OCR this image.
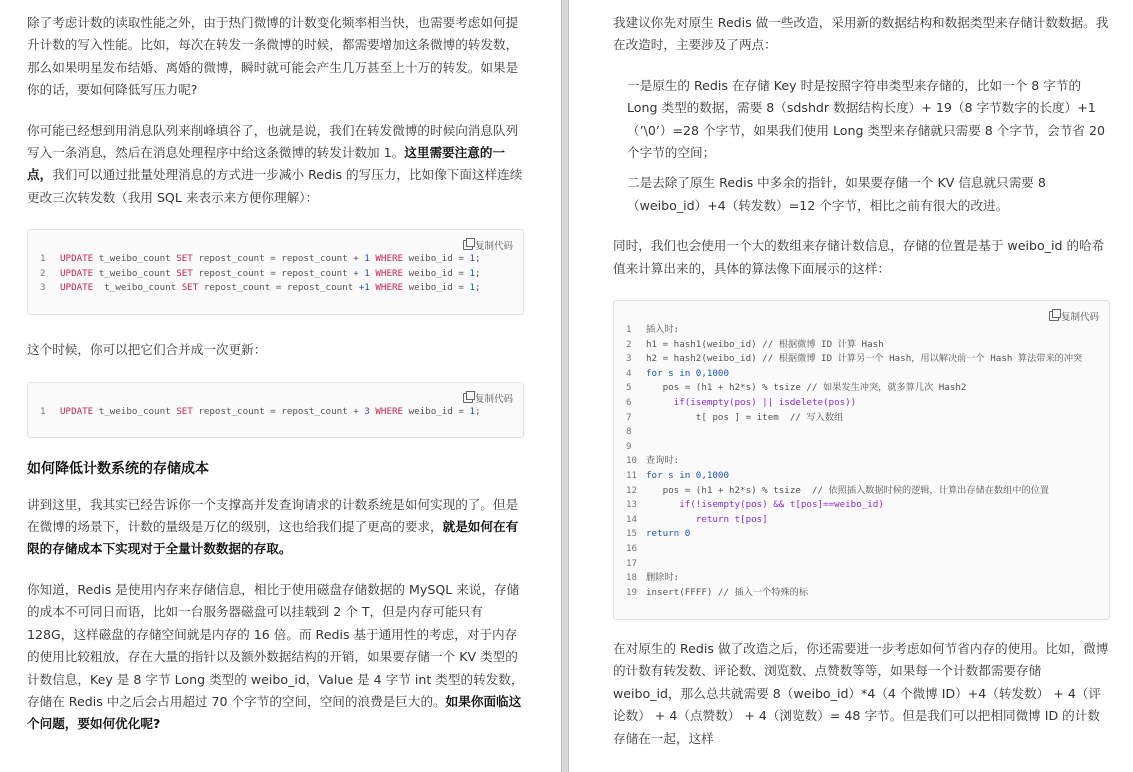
除了考虑计数的读取性能之外，由于热门微博的计数变化频率相当快，也需要考虑如何提升计数的写入性能。比如，每次在转发一条微博的时候，都需要增加这条微博的转发数，那么如果明星发布结婚、离婚的微博，瞬时就可能会产生几万甚至上十万的转发。如果是你的话，要如何降低写压力呢?

你可能已经想到用消息队列来削峰填谷了，也就是说，我们在转发微博的时候向消息队列写入一条消息，然后在消息处理程序中给这条微博的转发计数加 1。这里需要注意的一点，我们可以通过批量处理消息的方式进一步减小 Redis 的写压力，比如像下面这样连续更改三次转发数（我用 SQL 来表示来方便你理解）：

复制代码
1 UPDATE t_weibo_count SET repost_count = repost_count + 1 WHERE weibo_id = 1;
2 UPDATE t_weibo_count SET repost_count = repost_count + 1 WHERE weibo_id = 1;
3 UPDATE  t_weibo_count SET repost_count = repost_count +1 WHERE weibo_id = 1;

这个时候，你可以把它们合并成一次更新：

复制代码
1 UPDATE t_weibo_count SET repost_count = repost_count + 3 WHERE weibo_id = 1;
如何降低计数系统的存储成本

讲到这里，我其实已经告诉你一个支撑高并发查询请求的计数系统是如何实现的了。但是在微博的场景下，计数的量级是万亿的级别，这也给我们提了更高的要求，就是如何在有限的存储成本下实现对于全量计数数据的存取。

你知道，Redis 是使用内存来存储信息，相比于使用磁盘存储数据的 MySQL 来说，存储的成本不可同日而语，比如一台服务器磁盘可以挂载到 2 个 T，但是内存可能只有 128G，这样磁盘的存储空间就是内存的 16 倍。而 Redis 基于通用性的考虑，对于内存的使用比较粗放，存在大量的指针以及额外数据结构的开销，如果要存储一个 KV 类型的计数信息，Key 是 8 字节 Long 类型的 weibo_id，Value 是 4 字节 int 类型的转发数，存储在 Redis 中之后会占用超过 70 个字节的空间，空间的浪费是巨大的。如果你面临这个问题，要如何优化呢?

我建议你先对原生 Redis 做一些改造，采用新的数据结构和数据类型来存储计数数据。我在改造时，主要涉及了两点：

一是原生的 Redis 在存储 Key 时是按照字符串类型来存储的，比如一个 8 字节的 Long 类型的数据，需要 8（sdshdr 数据结构长度）+ 19（8 字节数字的长度）+1（’\0’）=28 个字节，如果我们使用 Long 类型来存储就只需要 8 个字节，会节省 20 个字节的空间；

二是去除了原生 Redis 中多余的指针，如果要存储一个 KV 信息就只需要 8（weibo_id）+4（转发数）=12 个字节，相比之前有很大的改进。

同时，我们也会使用一个大的数组来存储计数信息，存储的位置是基于 weibo_id 的哈希值来计算出来的，具体的算法像下面展示的这样：

复制代码
1 插入时:
2 h1 = hash1(weibo_id) // 根据微博 ID 计算 Hash
3 h2 = hash2(weibo_id) // 根据微博 ID 计算另一个 Hash，用以解决前一个 Hash 算法带来的冲突
4 for s in 0,1000
5   pos = (h1 + h2*s) % tsize // 如果发生冲突，就多算几次 Hash2
6     if(isempty(pos) || isdelete(pos))
7         t[ pos ] = item  // 写入数组
8
9
10 查询时:
11 for s in 0,1000
12   pos = (h1 + h2*s) % tsize  // 依照插入数据时候的逻辑，计算出存储在数组中的位置
13      if(!isempty(pos) && t[pos]==weibo_id)
14         return t[pos]
15 return 0
16
17
18 删除时:
19 insert(FFFF) // 插入一个特殊的标

在对原生的 Redis 做了改造之后，你还需要进一步考虑如何节省内存的使用。比如，微博的计数有转发数、评论数、浏览数、点赞数等等，如果每一个计数都需要存储 weibo_id，那么总共就需要 8（weibo_id）*4（4 个微博 ID）+4（转发数） + 4（评论数） + 4（点赞数） + 4（浏览数）= 48 字节。但是我们可以把相同微博 ID 的计数存储在一起，这样
